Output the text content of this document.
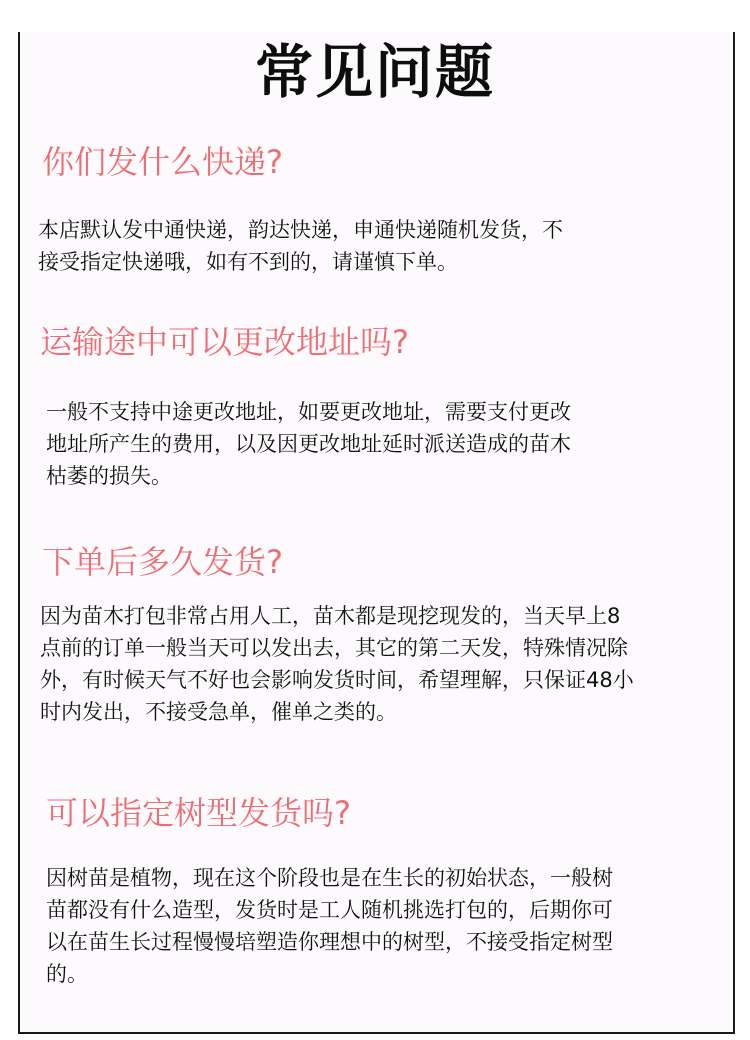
常见问题
你们发什么快递?
本店默认发中通快递，韵达快递，申通快递随机发货，不
接受指定快递哦，如有不到的，请谨慎下单。
运输途中可以更改地址吗?
一般不支持中途更改地址，如要更改地址，需要支付更改
地址所产生的费用，以及因更改地址延时派送造成的苗木
枯萎的损失。
下单后多久发货?
因为苗木打包非常占用人工，苗木都是现挖现发的，当天早上8
点前的订单一般当天可以发出去，其它的第二天发，特殊情况除
外，有时候天气不好也会影响发货时间，希望理解，只保证48小
时内发出，不接受急单，催单之类的。
可以指定树型发货吗?
因树苗是植物，现在这个阶段也是在生长的初始状态，一般树
苗都没有什么造型，发货时是工人随机挑选打包的，后期你可
以在苗生长过程慢慢培塑造你理想中的树型，不接受指定树型
的。
